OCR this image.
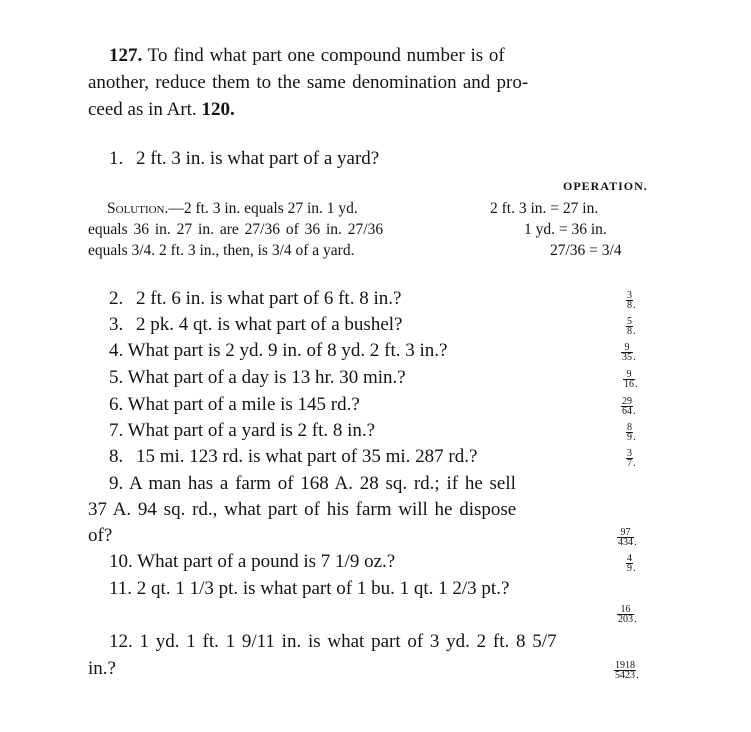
127. To find what part one compound number is of
another, reduce them to the same denomination and pro-
ceed as in Art. 120.
1. 2 ft. 3 in. is what part of a yard?
OPERATION.
Solution.—2 ft. 3 in. equals 27 in. 1 yd.
equals 36 in. 27 in. are 27/36 of 36 in. 27/36
equals 3/4. 2 ft. 3 in., then, is 3/4 of a yard.
2 ft. 3 in. = 27 in.
1 yd. = 36 in.
27/36 = 3/4
2. 2 ft. 6 in. is what part of 6 ft. 8 in.?
3. 2 pk. 4 qt. is what part of a bushel?
4. What part is 2 yd. 9 in. of 8 yd. 2 ft. 3 in.?
5. What part of a day is 13 hr. 30 min.?
6. What part of a mile is 145 rd.?
7. What part of a yard is 2 ft. 8 in.?
8. 15 mi. 123 rd. is what part of 35 mi. 287 rd.?
9. A man has a farm of 168 A. 28 sq. rd.; if he sell
37 A. 94 sq. rd., what part of his farm will he dispose
of?
10. What part of a pound is 7 1/9 oz.?
11. 2 qt. 1 1/3 pt. is what part of 1 bu. 1 qt. 1 2/3 pt.?
12. 1 yd. 1 ft. 1 9/11 in. is what part of 3 yd. 2 ft. 8 5/7
in.?
$\frac{3}{8}$ .
$\frac{5}{8}$ .
$\frac{9}{35}$ .
$\frac{9}{16}$ .
$\frac{29}{64}$ .
$\frac{8}{9}$ .
$\frac{3}{7}$ .
$\frac{97}{434}$ .
$\frac{4}{9}$ .
$\frac{16}{203}$ .
$\frac{1918}{5423}$ .
